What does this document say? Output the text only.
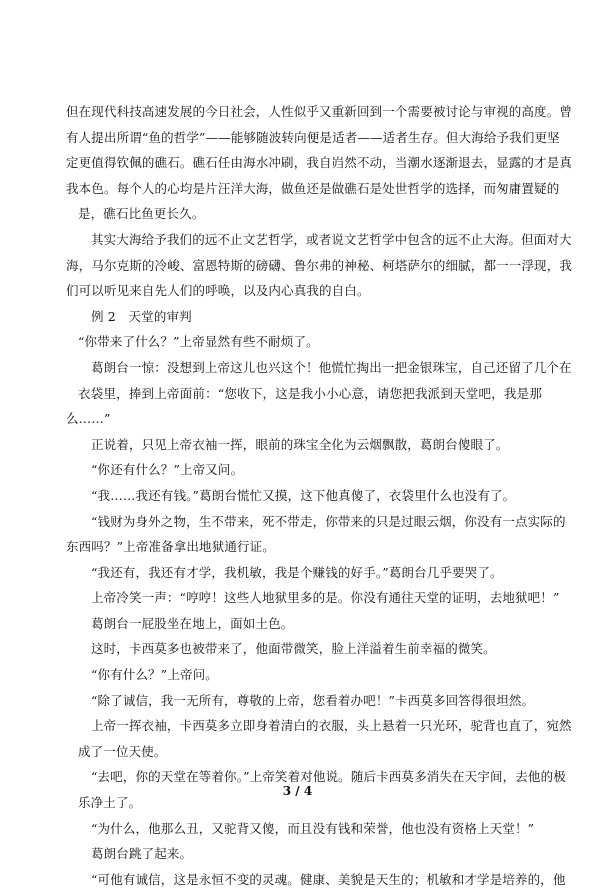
但在现代科技高速发展的今日社会，人性似乎又重新回到一个需要被讨论与审视的高度。曾
有人提出所谓“鱼的哲学”——能够随波转向便是适者——适者生存。但大海给予我们更坚
定更值得钦佩的礁石。礁石任由海水冲刷，我自岿然不动，当潮水逐渐退去，显露的才是真
我本色。每个人的心均是片汪洋大海，做鱼还是做礁石是处世哲学的选择，而匆庸置疑的
是，礁石比鱼更长久。
其实大海给予我们的远不止文艺哲学，或者说文艺哲学中包含的远不止大海。但面对大
海，马尔克斯的冷峻、富恩特斯的磅礴、鲁尔弗的神秘、柯塔萨尔的细腻，都一一浮现，我
们可以听见来自先人们的呼唤，以及内心真我的自白。
例 2　天堂的审判
“你带来了什么？”上帝显然有些不耐烦了。
葛朗台一惊：没想到上帝这儿也兴这个！他慌忙掏出一把金银珠宝，自己还留了几个在
衣袋里，捧到上帝面前：“您收下，这是我小小心意，请您把我派到天堂吧，我是那
么……”
正说着，只见上帝衣袖一挥，眼前的珠宝全化为云烟飘散，葛朗台傻眼了。
“你还有什么？”上帝又问。
“我……我还有钱。”葛朗台慌忙又摸，这下他真傻了，衣袋里什么也没有了。
“钱财为身外之物，生不带来，死不带走，你带来的只是过眼云烟，你没有一点实际的
东西吗？”上帝准备拿出地狱通行证。
“我还有，我还有才学，我机敏，我是个赚钱的好手。”葛朗台几乎要哭了。
上帝冷笑一声：“哼哼！这些人地狱里多的是。你没有通往天堂的证明，去地狱吧！”
葛朗台一屁股坐在地上，面如土色。
这时，卡西莫多也被带来了，他面带微笑，脸上洋溢着生前幸福的微笑。
“你有什么？”上帝问。
“除了诚信，我一无所有，尊敬的上帝，您看着办吧！”卡西莫多回答得很坦然。
上帝一挥衣袖，卡西莫多立即身着清白的衣服，头上悬着一只光环，驼背也直了，宛然
成了一位天使。
“去吧，你的天堂在等着你。”上帝笑着对他说。随后卡西莫多消失在天宇间，去他的极
乐净土了。
“为什么，他那么丑，又驼背又傻，而且没有钱和荣誉，他也没有资格上天堂！”
葛朗台跳了起来。
“可他有诚信，这是永恒不变的灵魂。健康、美貌是天生的；机敏和才学是培养的，他
3 / 4
